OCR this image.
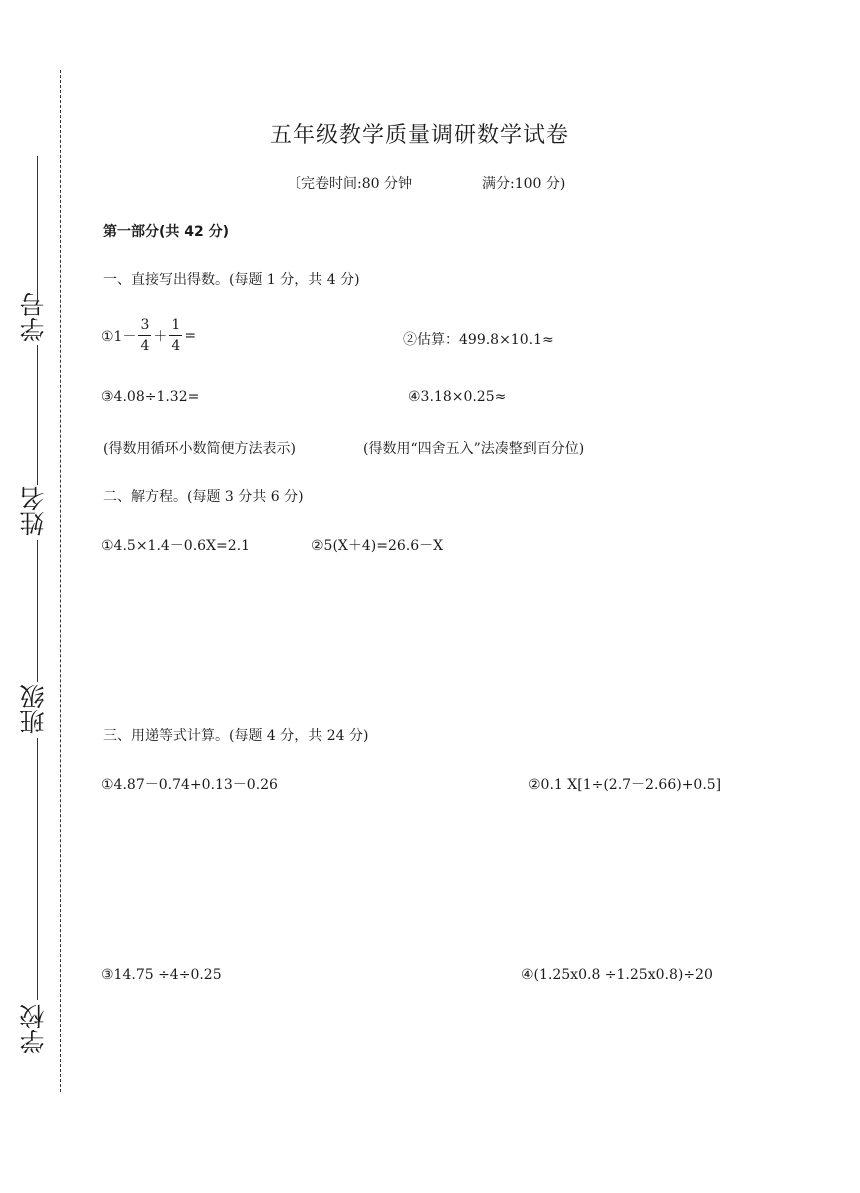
学号
姓名
班级
学校
五年级教学质量调研数学试卷
〔完卷时间:80 分钟	满分:100 分)
第一部分(共 42 分)
一、直接写出得数。(每题 1 分，共 4 分)
①1－ $\frac{3}{4} + \frac{1}{4}$ =	②估算：499.8×10.1≈
③4.08÷1.32=	④3.18×0.25≈
(得数用循环小数简便方法表示)	(得数用“四舍五入”法凑整到百分位)
二、解方程。(每题 3 分共 6 分)
①4.5×1.4－0.6X=2.1	②5(X＋4)=26.6－X
三、用递等式计算。(每题 4 分，共 24 分)
①4.87－0.74+0.13－0.26	②0.1 X[1÷(2.7－2.66)+0.5]
③14.75 ÷4÷0.25	④(1.25x0.8 ÷1.25x0.8)÷20
